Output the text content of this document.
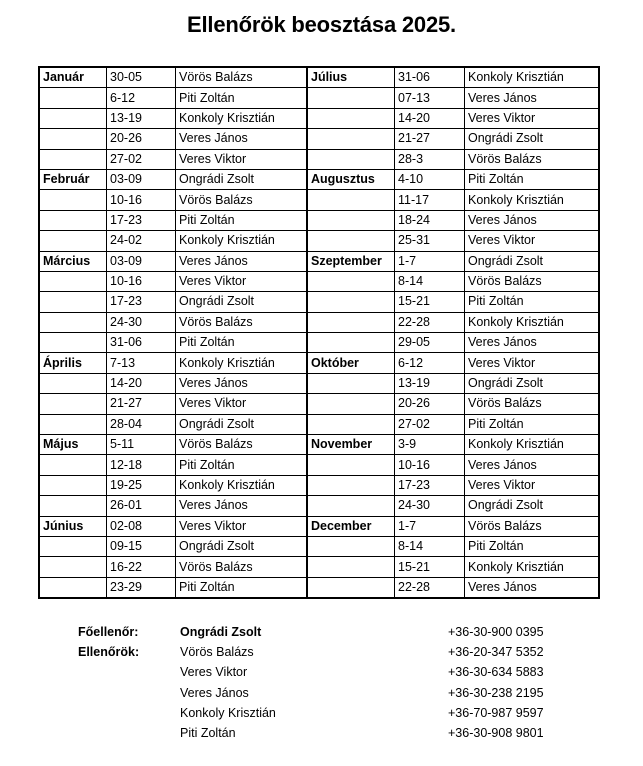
Ellenőrök beosztása 2025.
Január	30-05	Vörös Balázs	Július	31-06	Konkoly Krisztián
	6-12	Piti Zoltán		07-13	Veres János
	13-19	Konkoly Krisztián		14-20	Veres Viktor
	20-26	Veres János		21-27	Ongrádi Zsolt
	27-02	Veres Viktor		28-3	Vörös Balázs
Február	03-09	Ongrádi Zsolt	Augusztus	4-10	Piti Zoltán
	10-16	Vörös Balázs		11-17	Konkoly Krisztián
	17-23	Piti Zoltán		18-24	Veres János
	24-02	Konkoly Krisztián		25-31	Veres Viktor
Március	03-09	Veres János	Szeptember	1-7	Ongrádi Zsolt
	10-16	Veres Viktor		8-14	Vörös Balázs
	17-23	Ongrádi Zsolt		15-21	Piti Zoltán
	24-30	Vörös Balázs		22-28	Konkoly Krisztián
	31-06	Piti Zoltán		29-05	Veres János
Április	7-13	Konkoly Krisztián	Október	6-12	Veres Viktor
	14-20	Veres János		13-19	Ongrádi Zsolt
	21-27	Veres Viktor		20-26	Vörös Balázs
	28-04	Ongrádi Zsolt		27-02	Piti Zoltán
Május	5-11	Vörös Balázs	November	3-9	Konkoly Krisztián
	12-18	Piti Zoltán		10-16	Veres János
	19-25	Konkoly Krisztián		17-23	Veres Viktor
	26-01	Veres János		24-30	Ongrádi Zsolt
Június	02-08	Veres Viktor	December	1-7	Vörös Balázs
	09-15	Ongrádi Zsolt		8-14	Piti Zoltán
	16-22	Vörös Balázs		15-21	Konkoly Krisztián
	23-29	Piti Zoltán		22-28	Veres János
Főellenőr:	Ongrádi Zsolt	+36-30-900 0395
Ellenőrök:	Vörös Balázs	+36-20-347 5352
Veres Viktor	+36-30-634 5883
Veres János	+36-30-238 2195
Konkoly Krisztián	+36-70-987 9597
Piti Zoltán	+36-30-908 9801
